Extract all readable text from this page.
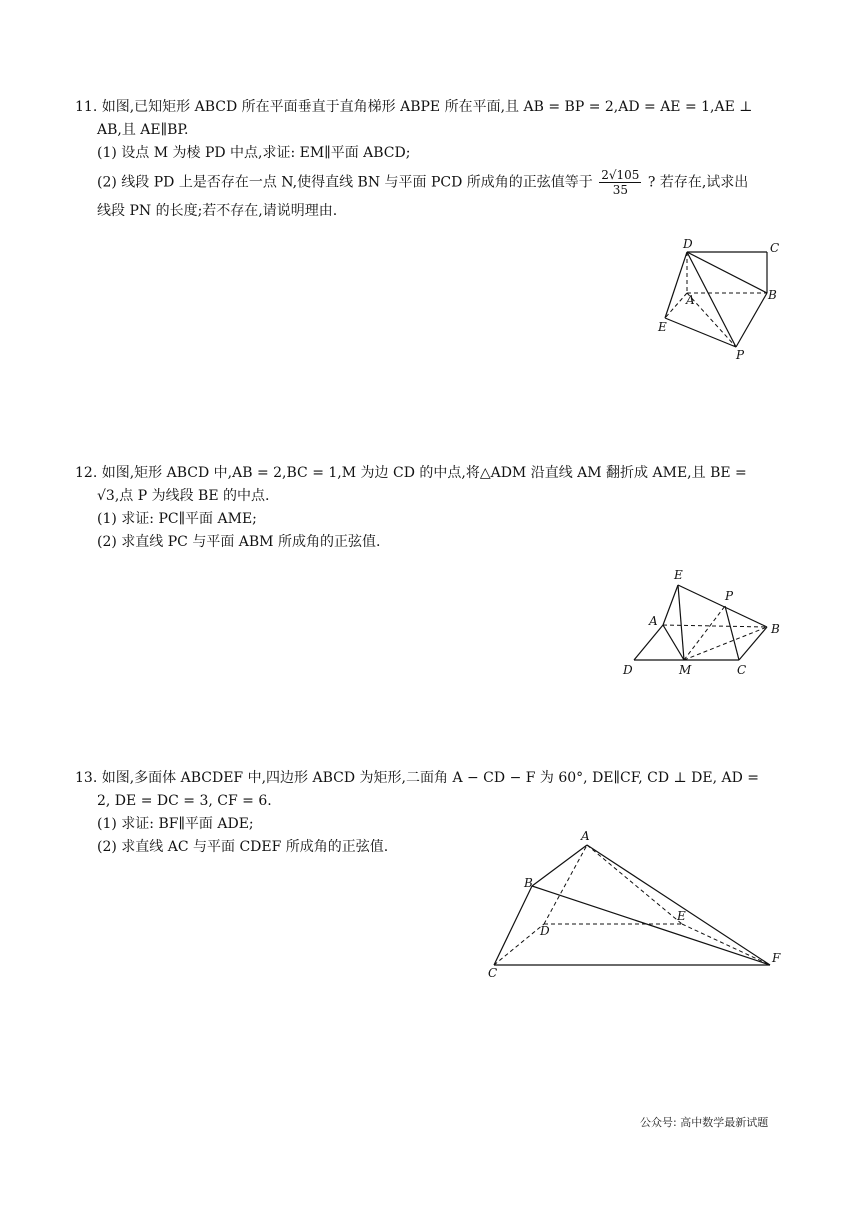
11. 如图,已知矩形 ABCD 所在平面垂直于直角梯形 ABPE 所在平面,且 AB = BP = 2,AD = AE = 1,AE ⊥
AB,且 AE∥BP.
(1) 设点 M 为棱 PD 中点,求证: EM∥平面 ABCD;
(2) 线段 PD 上是否存在一点 N,使得直线 BN 与平面 PCD 所成角的正弦值等于 $\frac{2√105}{35}$ ? 若存在,试求出
线段 PN 的长度;若不存在,请说明理由.
D	C
A	B
E
P
12. 如图,矩形 ABCD 中,AB = 2,BC = 1,M 为边 CD 的中点,将△ADM 沿直线 AM 翻折成 AME,且 BE =
√3,点 P 为线段 BE 的中点.
(1) 求证: PC∥平面 AME;
(2) 求直线 PC 与平面 ABM 所成角的正弦值.
E
P
A
B
D	M	C
13. 如图,多面体 ABCDEF 中,四边形 ABCD 为矩形,二面角 A − CD − F 为 60°, DE∥CF, CD ⊥ DE, AD =
2, DE = DC = 3, CF = 6.
(1) 求证: BF∥平面 ADE;
(2) 求直线 AC 与平面 CDEF 所成角的正弦值.
A
B
E
D
F
C
公众号: 高中数学最新试题
